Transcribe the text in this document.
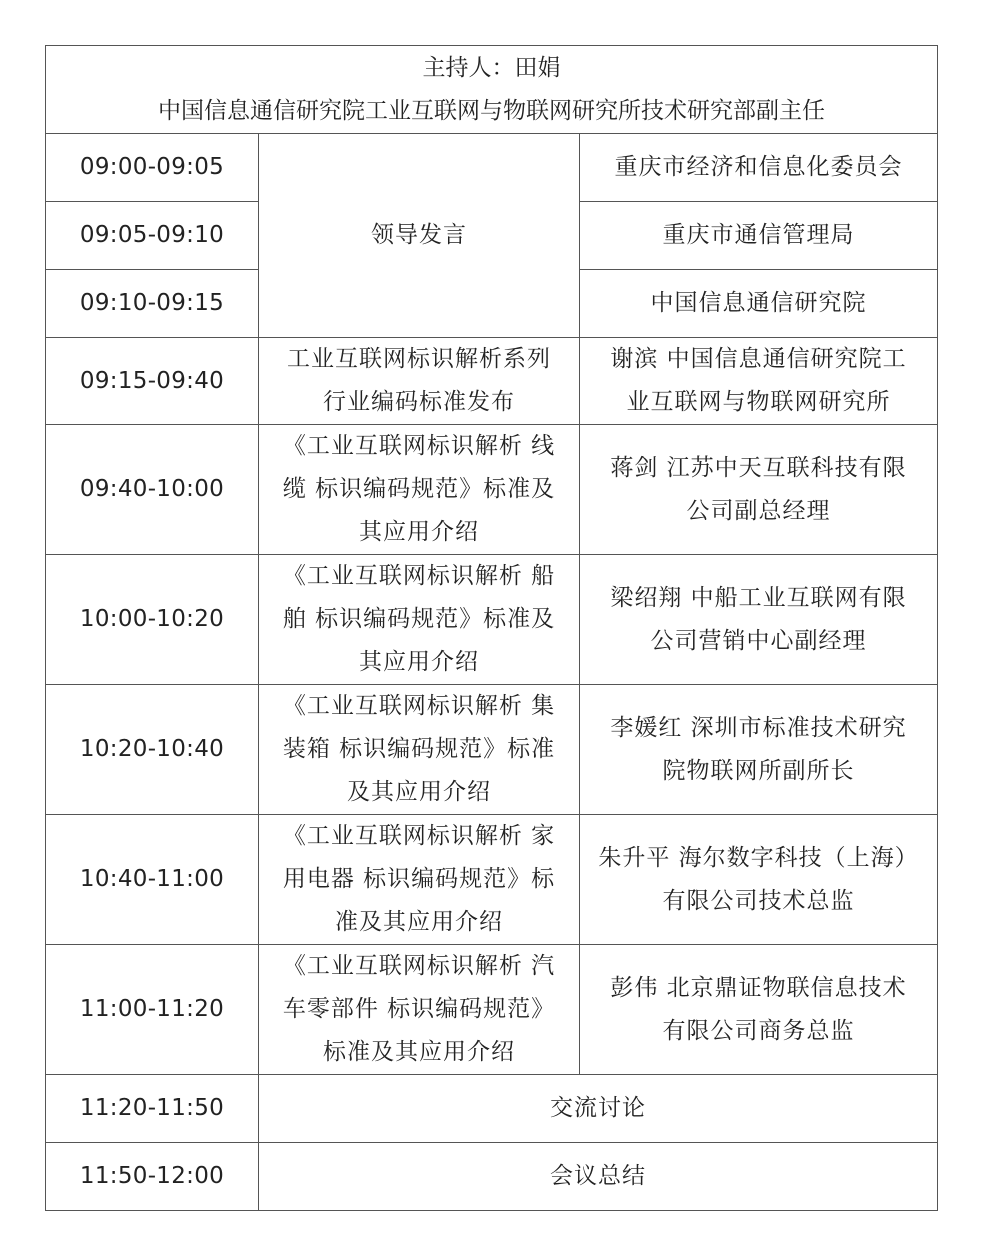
主持人：田娟
中国信息通信研究院工业互联网与物联网研究所技术研究部副主任		

09:00-09:05	领导发言	重庆市经济和信息化委员会
09:05-09:10		重庆市通信管理局
09:10-09:15		中国信息通信研究院
09:15-09:40	工业互联网标识解析系列
行业编码标准发布	谢滨 中国信息通信研究院工
业互联网与物联网研究所

09:40-10:00	《工业互联网标识解析 线
缆 标识编码规范》标准及
其应用介绍	蒋剑 江苏中天互联科技有限
公司副总经理

10:00-10:20	《工业互联网标识解析 船
舶 标识编码规范》标准及
其应用介绍	梁绍翔 中船工业互联网有限
公司营销中心副经理

10:20-10:40	《工业互联网标识解析 集
装箱 标识编码规范》标准
及其应用介绍	李媛红 深圳市标准技术研究
院物联网所副所长

10:40-11:00	《工业互联网标识解析 家
用电器 标识编码规范》标
准及其应用介绍	朱升平 海尔数字科技（上海）
有限公司技术总监

11:00-11:20	《工业互联网标识解析 汽
车零部件 标识编码规范》
标准及其应用介绍	彭伟 北京鼎证物联信息技术
有限公司商务总监

11:20-11:50	交流讨论	
11:50-12:00	会议总结	
